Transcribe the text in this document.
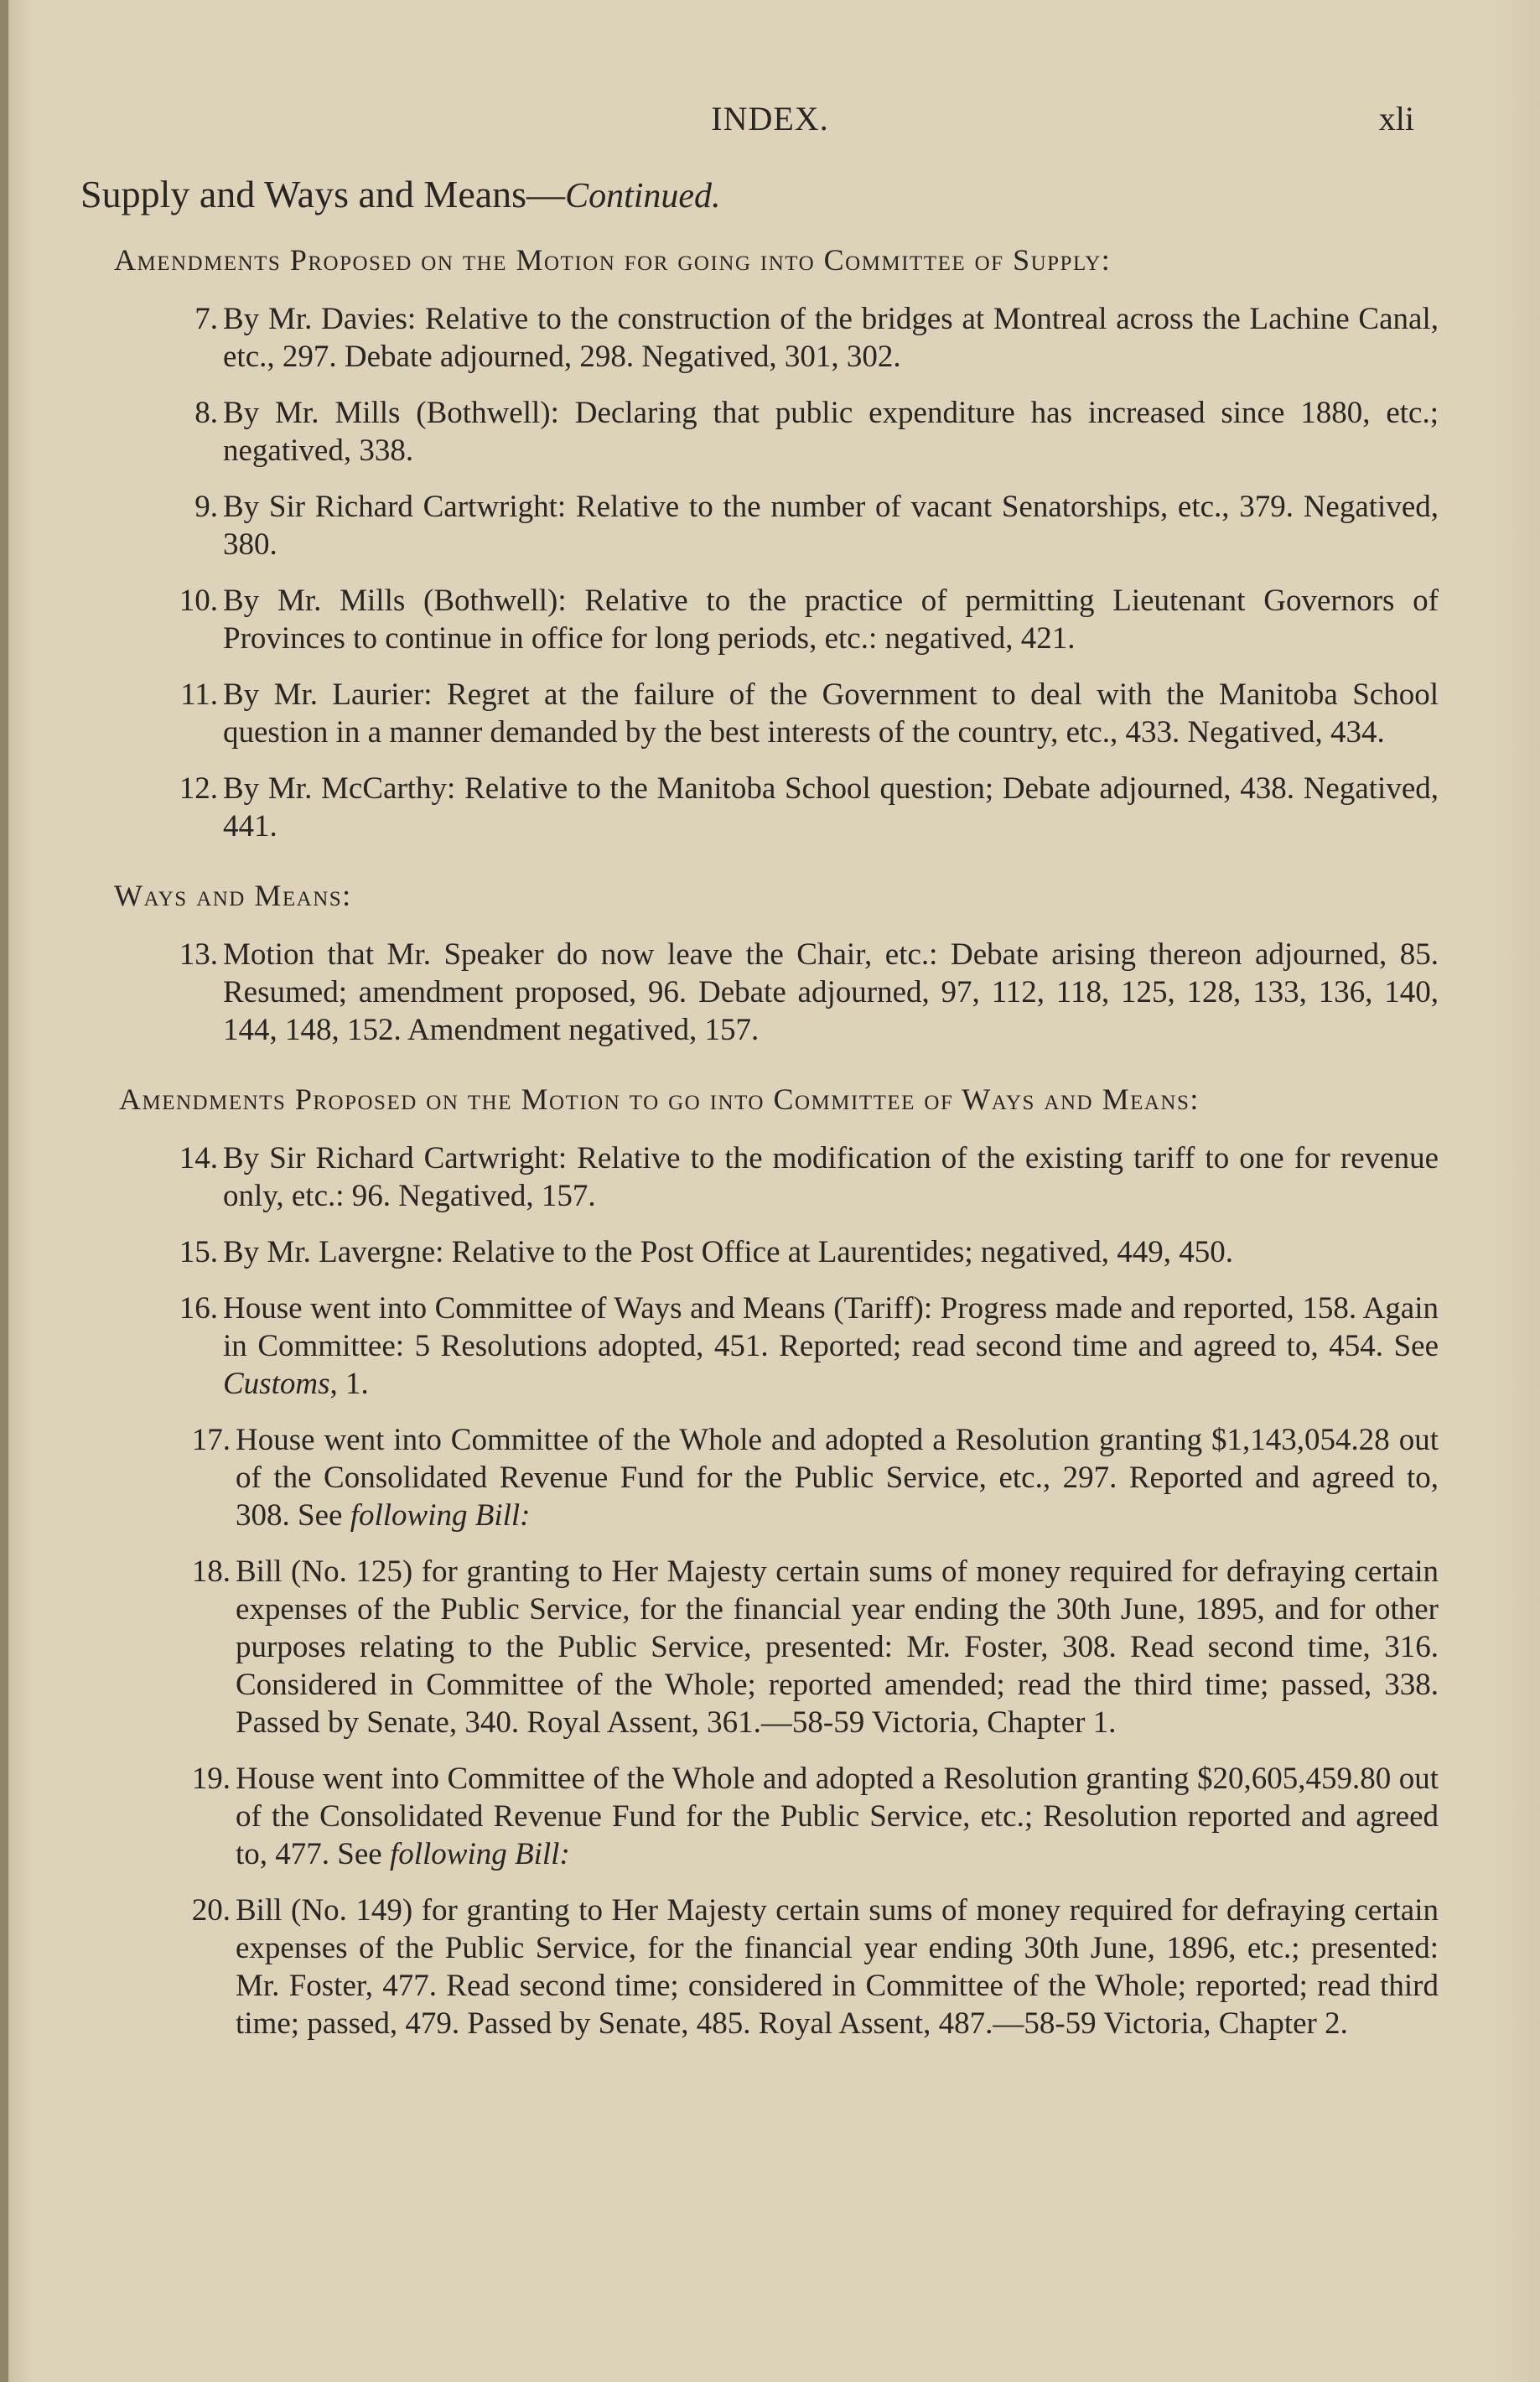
INDEX.	xli
Supply and Ways and Means—Continued.
Amendments Proposed on the Motion for going into Committee of Supply:
7. By Mr. Davies: Relative to the construction of the bridges at Montreal across the Lachine Canal, etc., 297. Debate adjourned, 298. Negatived, 301, 302.
8. By Mr. Mills (Bothwell): Declaring that public expenditure has increased since 1880, etc.; negatived, 338.
9. By Sir Richard Cartwright: Relative to the number of vacant Senatorships, etc., 379. Negatived, 380.
10. By Mr. Mills (Bothwell): Relative to the practice of permitting Lieutenant Governors of Provinces to continue in office for long periods, etc.: negatived, 421.
11. By Mr. Laurier: Regret at the failure of the Government to deal with the Manitoba School question in a manner demanded by the best interests of the country, etc., 433. Negatived, 434.
12. By Mr. McCarthy: Relative to the Manitoba School question; Debate adjourned, 438. Negatived, 441.
Ways and Means:
13. Motion that Mr. Speaker do now leave the Chair, etc.: Debate arising thereon adjourned, 85. Resumed; amendment proposed, 96. Debate adjourned, 97, 112, 118, 125, 128, 133, 136, 140, 144, 148, 152. Amendment negatived, 157.
Amendments Proposed on the Motion to go into Committee of Ways and Means:
14. By Sir Richard Cartwright: Relative to the modification of the existing tariff to one for revenue only, etc.: 96. Negatived, 157.
15. By Mr. Lavergne: Relative to the Post Office at Laurentides; negatived, 449, 450.
16. House went into Committee of Ways and Means (Tariff): Progress made and reported, 158. Again in Committee: 5 Resolutions adopted, 451. Reported; read second time and agreed to, 454. See Customs, 1.
17. House went into Committee of the Whole and adopted a Resolution granting $1,143,054.28 out of the Consolidated Revenue Fund for the Public Service, etc., 297. Reported and agreed to, 308. See following Bill:
18. Bill (No. 125) for granting to Her Majesty certain sums of money required for defraying certain expenses of the Public Service, for the financial year ending the 30th June, 1895, and for other purposes relating to the Public Service, presented: Mr. Foster, 308. Read second time, 316. Considered in Committee of the Whole; reported amended; read the third time; passed, 338. Passed by Senate, 340. Royal Assent, 361.—58-59 Victoria, Chapter 1.
19. House went into Committee of the Whole and adopted a Resolution granting $20,605,459.80 out of the Consolidated Revenue Fund for the Public Service, etc.; Resolution reported and agreed to, 477. See following Bill:
20. Bill (No. 149) for granting to Her Majesty certain sums of money required for defraying certain expenses of the Public Service, for the financial year ending 30th June, 1896, etc.; presented: Mr. Foster, 477. Read second time; considered in Committee of the Whole; reported; read third time; passed, 479. Passed by Senate, 485. Royal Assent, 487.—58-59 Victoria, Chapter 2.
